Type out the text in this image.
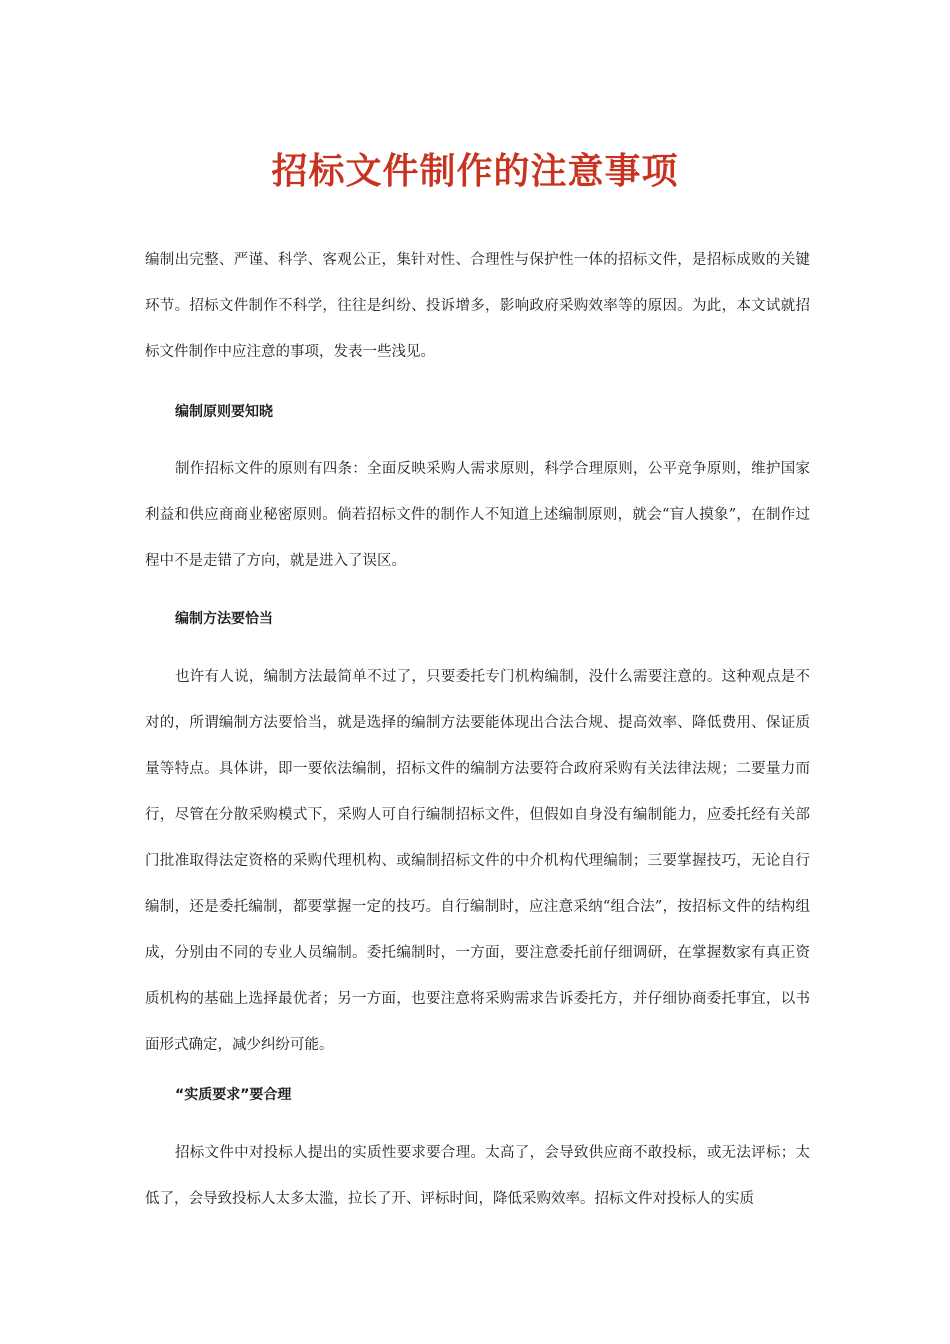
招标文件制作的注意事项

编制出完整、严谨、科学、客观公正，集针对性、合理性与保护性一体的招标文件，是招标成败的关键环节。招标文件制作不科学，往往是纠纷、投诉增多，影响政府采购效率等的原因。为此，本文试就招标文件制作中应注意的事项，发表一些浅见。

编制原则要知晓

制作招标文件的原则有四条：全面反映采购人需求原则，科学合理原则，公平竞争原则，维护国家利益和供应商商业秘密原则。倘若招标文件的制作人不知道上述编制原则，就会“盲人摸象”，在制作过程中不是走错了方向，就是进入了误区。

编制方法要恰当

也许有人说，编制方法最简单不过了，只要委托专门机构编制，没什么需要注意的。这种观点是不对的，所谓编制方法要恰当，就是选择的编制方法要能体现出合法合规、提高效率、降低费用、保证质量等特点。具体讲，即一要依法编制，招标文件的编制方法要符合政府采购有关法律法规；二要量力而行，尽管在分散采购模式下，采购人可自行编制招标文件，但假如自身没有编制能力，应委托经有关部门批准取得法定资格的采购代理机构、或编制招标文件的中介机构代理编制；三要掌握技巧，无论自行编制，还是委托编制，都要掌握一定的技巧。自行编制时，应注意采纳“组合法”，按招标文件的结构组成，分别由不同的专业人员编制。委托编制时，一方面，要注意委托前仔细调研，在掌握数家有真正资质机构的基础上选择最优者；另一方面，也要注意将采购需求告诉委托方，并仔细协商委托事宜，以书面形式确定，减少纠纷可能。

“实质要求”要合理

招标文件中对投标人提出的实质性要求要合理。太高了，会导致供应商不敢投标，或无法评标；太低了，会导致投标人太多太滥，拉长了开、评标时间，降低采购效率。招标文件对投标人的实质
